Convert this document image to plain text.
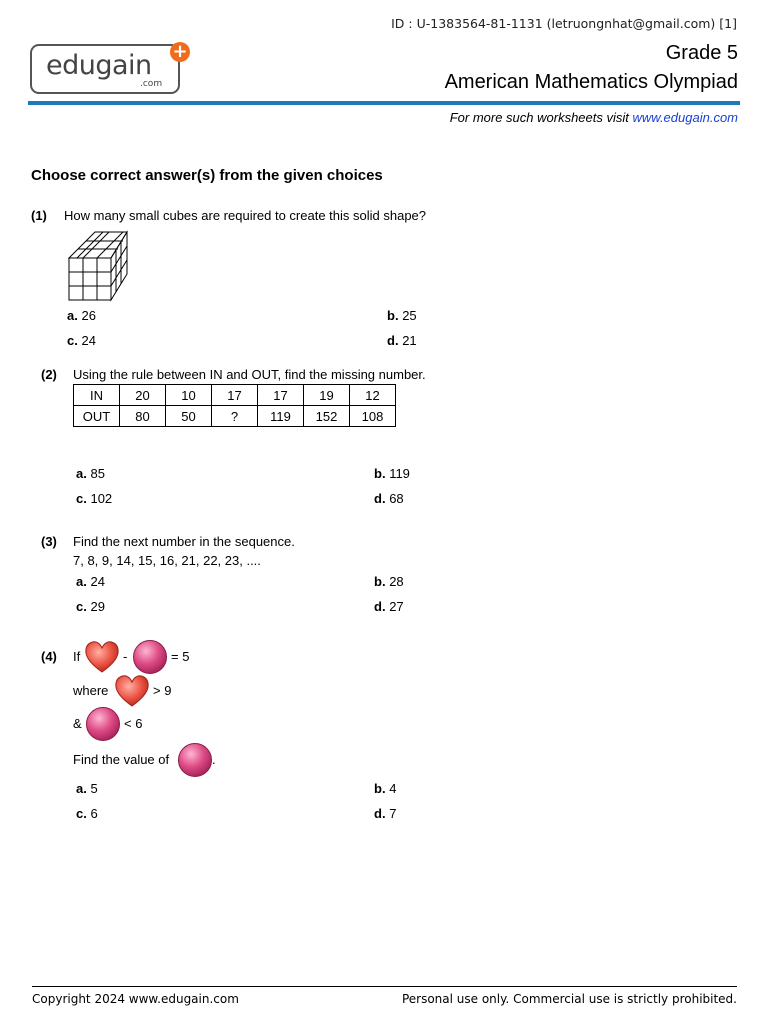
ID : U-1383564-81-1131 (letruongnhat@gmail.com) [1]
edugain
.com
+	Grade 5
American Mathematics Olympiad
For more such worksheets visit www.edugain.com
Choose correct answer(s) from the given choices
(1) How many small cubes are required to create this solid shape?
a. 26	b. 25
c. 24	d. 21
(2) Using the rule between IN and OUT, find the missing number.
IN	20	10	17	17	19	12
OUT	80	50	?	119	152	108
a. 85	b. 119
c. 102	d. 68
(3) Find the next number in the sequence.
7, 8, 9, 14, 15, 16, 21, 22, 23, ....
a. 24	b. 28
c. 29	d. 27
(4) If	-	= 5
where	> 9
&	< 6
Find the value of	.
a. 5	b. 4
c. 6	d. 7
Copyright 2024 www.edugain.com	Personal use only. Commercial use is strictly prohibited.
